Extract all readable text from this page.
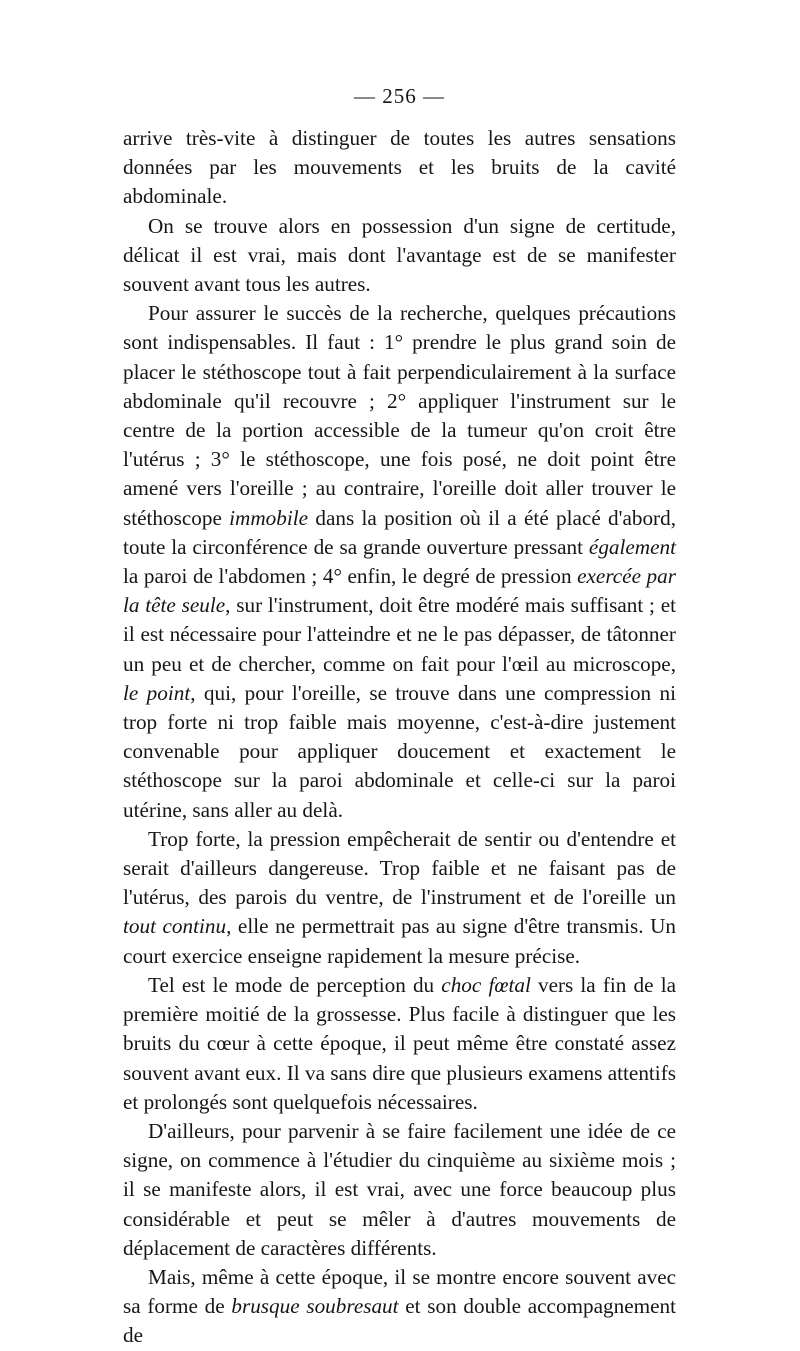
— 256 —

arrive très-vite à distinguer de toutes les autres sensations données par les mouvements et les bruits de la cavité abdominale.

On se trouve alors en possession d'un signe de certitude, délicat il est vrai, mais dont l'avantage est de se manifester souvent avant tous les autres.

Pour assurer le succès de la recherche, quelques précautions sont indispensables. Il faut : 1° prendre le plus grand soin de placer le stéthoscope tout à fait perpendiculairement à la surface abdominale qu'il recouvre ; 2° appliquer l'instrument sur le centre de la portion accessible de la tumeur qu'on croit être l'utérus ; 3° le stéthoscope, une fois posé, ne doit point être amené vers l'oreille ; au contraire, l'oreille doit aller trouver le stéthoscope immobile dans la position où il a été placé d'abord, toute la circonférence de sa grande ouverture pressant également la paroi de l'abdomen ; 4° enfin, le degré de pression exercée par la tête seule, sur l'instrument, doit être modéré mais suffisant ; et il est nécessaire pour l'atteindre et ne le pas dépasser, de tâtonner un peu et de chercher, comme on fait pour l'œil au microscope, le point, qui, pour l'oreille, se trouve dans une compression ni trop forte ni trop faible mais moyenne, c'est-à-dire justement convenable pour appliquer doucement et exactement le stéthoscope sur la paroi abdominale et celle-ci sur la paroi utérine, sans aller au delà.

Trop forte, la pression empêcherait de sentir ou d'entendre et serait d'ailleurs dangereuse. Trop faible et ne faisant pas de l'utérus, des parois du ventre, de l'instrument et de l'oreille un tout continu, elle ne permettrait pas au signe d'être transmis. Un court exercice enseigne rapidement la mesure précise.

Tel est le mode de perception du choc fœtal vers la fin de la première moitié de la grossesse. Plus facile à distinguer que les bruits du cœur à cette époque, il peut même être constaté assez souvent avant eux. Il va sans dire que plusieurs examens attentifs et prolongés sont quelquefois nécessaires.

D'ailleurs, pour parvenir à se faire facilement une idée de ce signe, on commence à l'étudier du cinquième au sixième mois ; il se manifeste alors, il est vrai, avec une force beaucoup plus considérable et peut se mêler à d'autres mouvements de déplacement de caractères différents.

Mais, même à cette époque, il se montre encore souvent avec sa forme de brusque soubresaut et son double accompagnement de
